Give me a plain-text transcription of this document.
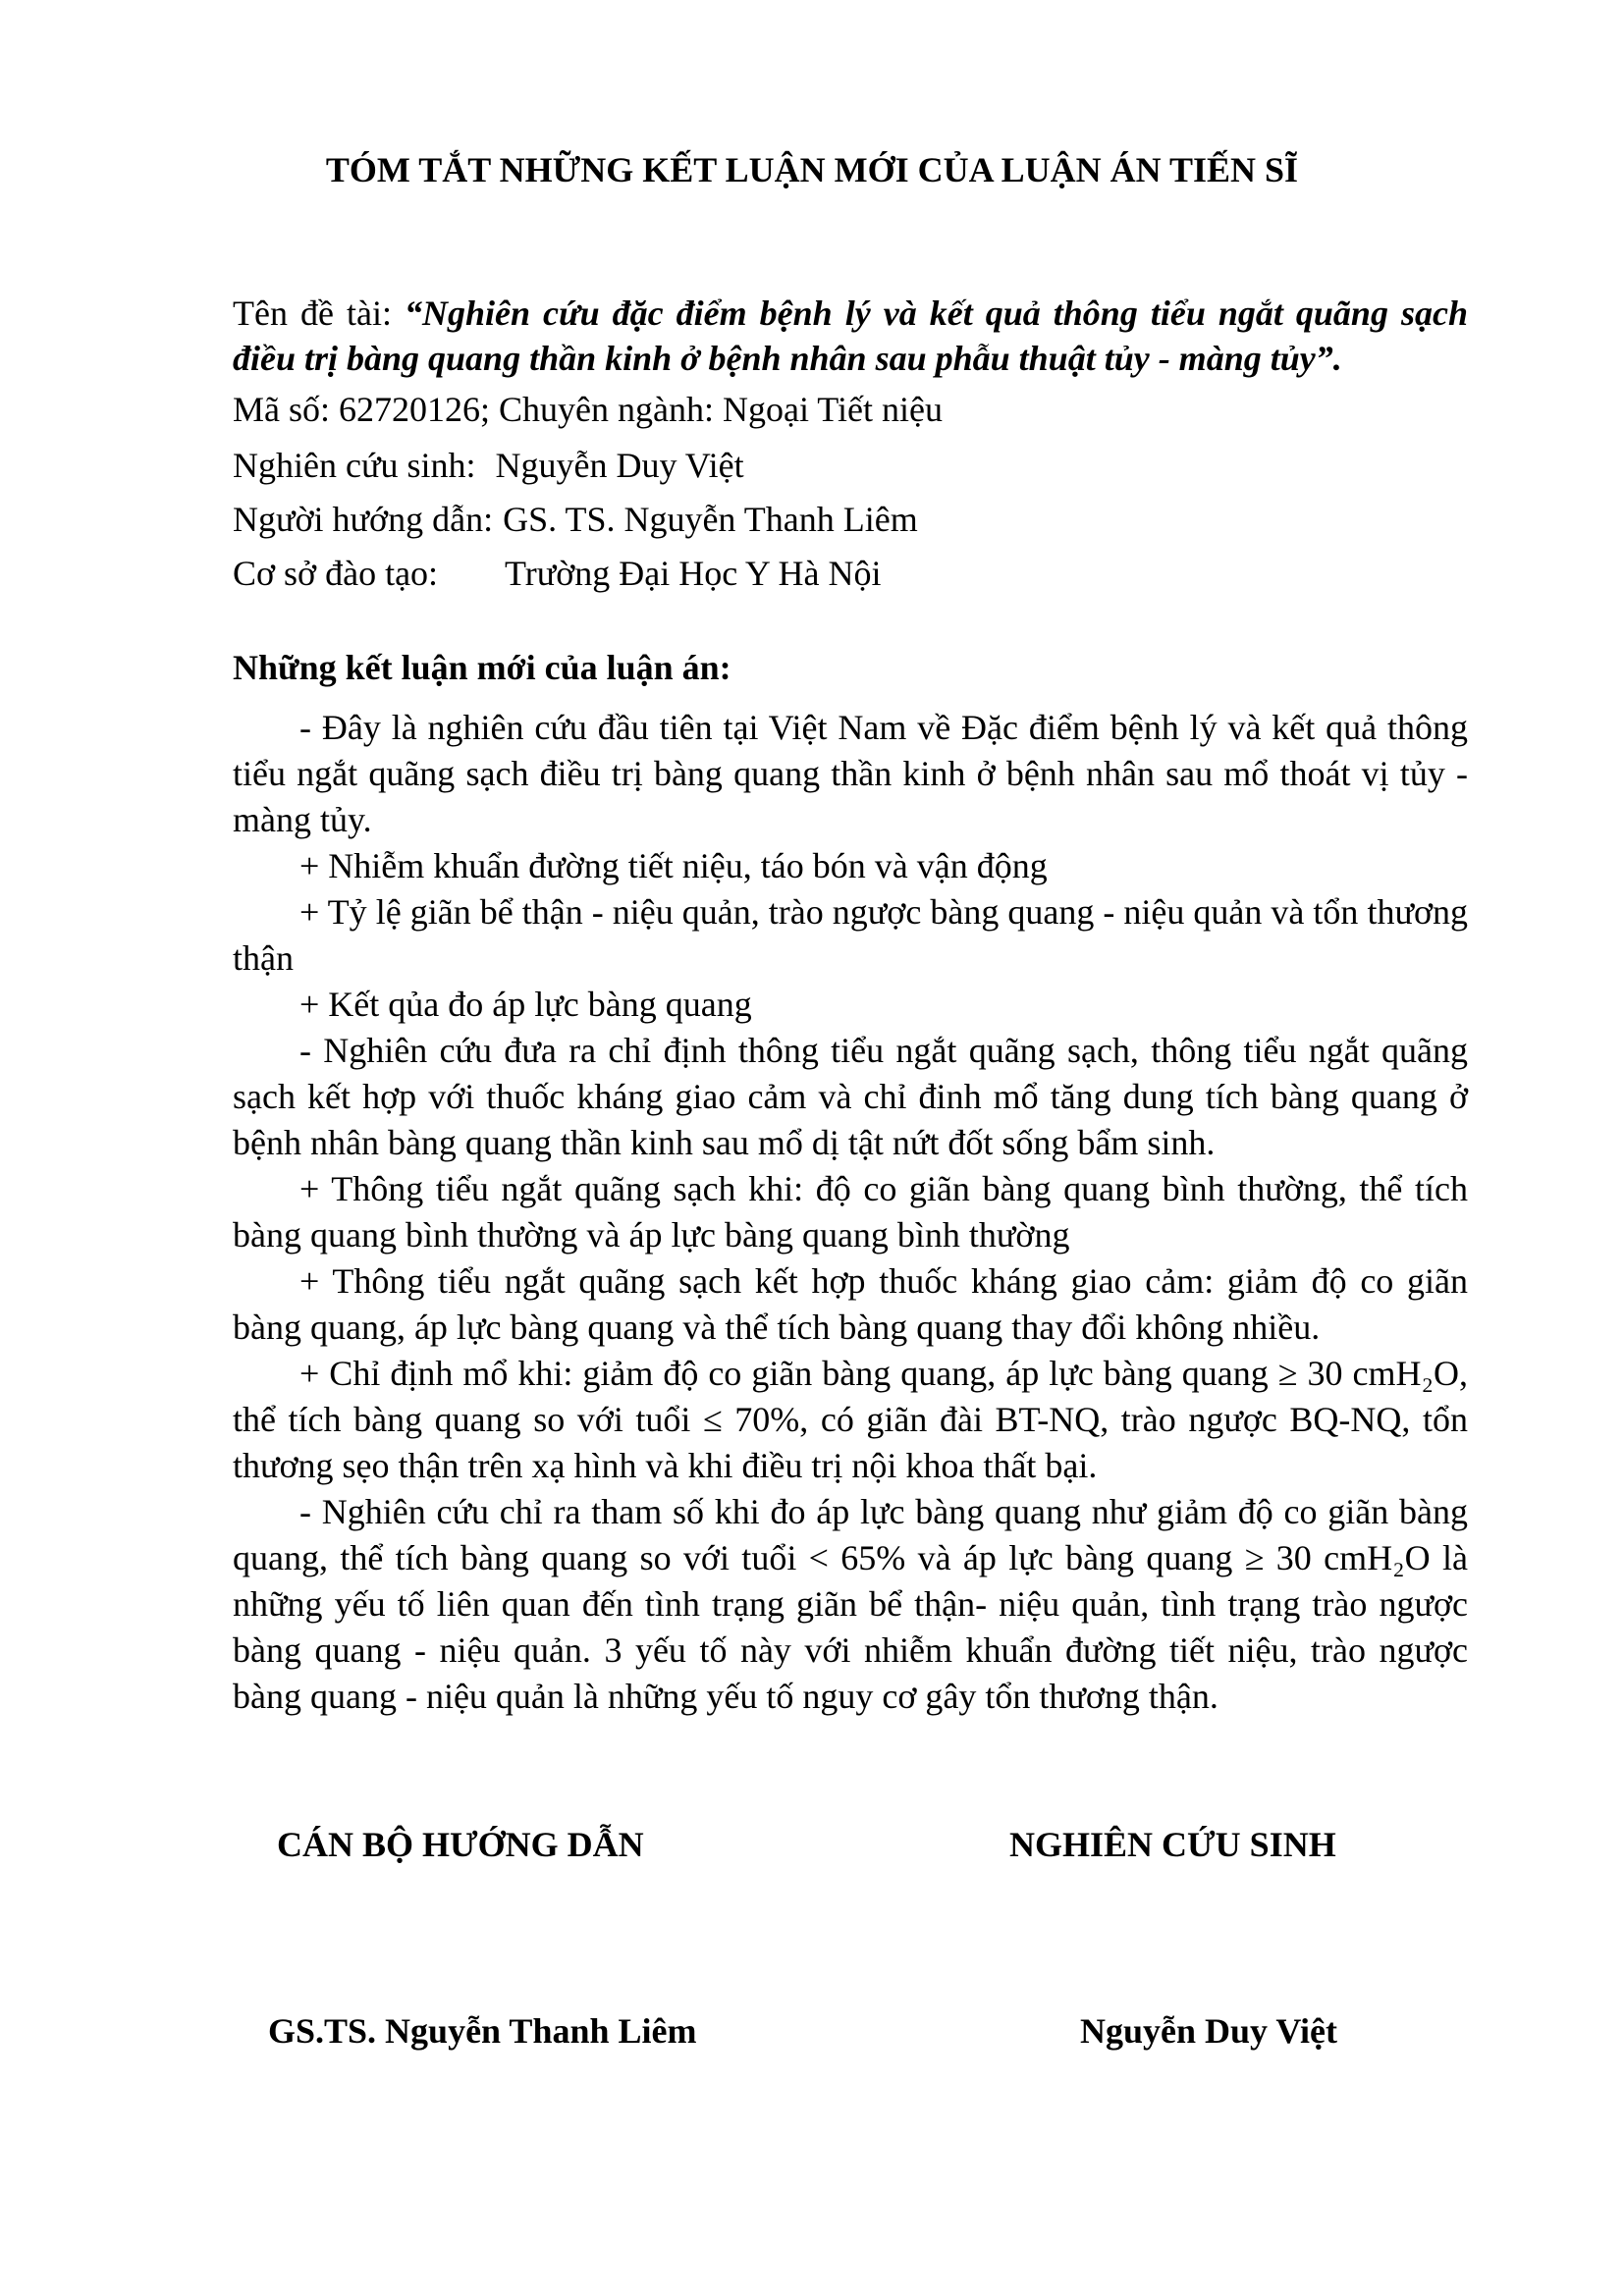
TÓM TẮT NHỮNG KẾT LUẬN MỚI CỦA LUẬN ÁN TIẾN SĨ
Tên đề tài: “Nghiên cứu đặc điểm bệnh lý và kết quả thông tiểu ngắt quãng sạch
điều trị bàng quang thần kinh ở bệnh nhân sau phẫu thuật tủy - màng tủy”.
Mã số: 62720126; Chuyên ngành: Ngoại Tiết niệu
Nghiên cứu sinh: Nguyễn Duy Việt
Người hướng dẫn: GS. TS. Nguyễn Thanh Liêm
Cơ sở đào tạo: Trường Đại Học Y Hà Nội
Những kết luận mới của luận án:

- Đây là nghiên cứu đầu tiên tại Việt Nam về Đặc điểm bệnh lý và kết quả thông tiểu ngắt quãng sạch điều trị bàng quang thần kinh ở bệnh nhân sau mổ thoát vị tủy - màng tủy.

+ Nhiễm khuẩn đường tiết niệu, táo bón và vận động

+ Tỷ lệ giãn bể thận - niệu quản, trào ngược bàng quang - niệu quản và tổn thương thận

+ Kết qủa đo áp lực bàng quang

- Nghiên cứu đưa ra chỉ định thông tiểu ngắt quãng sạch, thông tiểu ngắt quãng sạch kết hợp với thuốc kháng giao cảm và chỉ đinh mổ tăng dung tích bàng quang ở bệnh nhân bàng quang thần kinh sau mổ dị tật nứt đốt sống bẩm sinh.

+ Thông tiểu ngắt quãng sạch khi: độ co giãn bàng quang bình thường, thể tích bàng quang bình thường và áp lực bàng quang bình thường

+ Thông tiểu ngắt quãng sạch kết hợp thuốc kháng giao cảm: giảm độ co giãn bàng quang, áp lực bàng quang và thể tích bàng quang thay đổi không nhiều.

+ Chỉ định mổ khi: giảm độ co giãn bàng quang, áp lực bàng quang ≥ 30 cmH₂O, thể tích bàng quang so với tuổi ≤ 70%, có giãn đài BT-NQ, trào ngược BQ-NQ, tổn thương sẹo thận trên xạ hình và khi điều trị nội khoa thất bại.

- Nghiên cứu chỉ ra tham số khi đo áp lực bàng quang như giảm độ co giãn bàng quang, thể tích bàng quang so với tuổi < 65% và áp lực bàng quang ≥ 30 cmH₂O là những yếu tố liên quan đến tình trạng giãn bể thận- niệu quản, tình trạng trào ngược bàng quang - niệu quản. 3 yếu tố này với nhiễm khuẩn đường tiết niệu, trào ngược bàng quang - niệu quản là những yếu tố nguy cơ gây tổn thương thận.

CÁN BỘ HƯỚNG DẪN	NGHIÊN CỨU SINH
GS.TS. Nguyễn Thanh Liêm	Nguyễn Duy Việt
